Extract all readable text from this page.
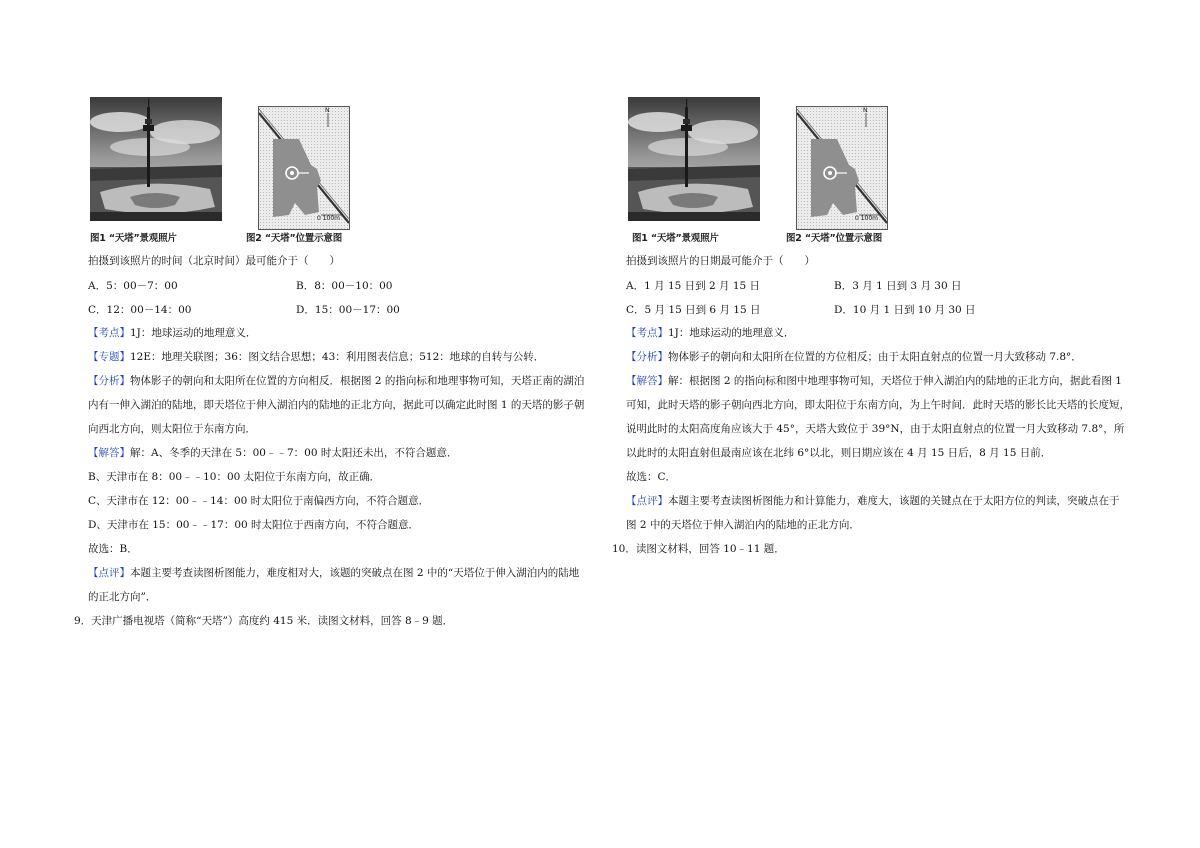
N
0 100m
图1 “天塔”景观照片	图2 “天塔”位置示意图
拍摄到该照片的时间（北京时间）最可能介于（　　）
A．5：00－7：00	B．8：00－10：00
C．12：00－14：00	D．15：00－17：00
【考点】1J：地球运动的地理意义．
【专题】12E：地理关联图；36：图文结合思想；43：利用图表信息；512：地球的自转与公转．
【分析】物体影子的朝向和太阳所在位置的方向相反．根据图 2 的指向标和地理事物可知，天塔正南的湖泊
内有一伸入湖泊的陆地，即天塔位于伸入湖泊内的陆地的正北方向，据此可以确定此时图 1 的天塔的影子朝
向西北方向，则太阳位于东南方向．
【解答】解：A、冬季的天津在 5：00﹣﹣7：00 时太阳还未出，不符合题意．
B、天津市在 8：00﹣﹣10：00 太阳位于东南方向，故正确．
C、天津市在 12：00﹣﹣14：00 时太阳位于南偏西方向，不符合题意．
D、天津市在 15：00﹣﹣17：00 时太阳位于西南方向，不符合题意．
故选：B．
【点评】本题主要考查读图析图能力，难度相对大，该题的突破点在图 2 中的“天塔位于伸入湖泊内的陆地
的正北方向”．
9．天津广播电视塔（简称“天塔”）高度约 415 米．读图文材料，回答 8﹣9 题．
N
0 100m
图1 “天塔”景观照片	图2 “天塔”位置示意图
拍摄到该照片的日期最可能介于（　　）
A．1 月 15 日到 2 月 15 日	B．3 月 1 日到 3 月 30 日
C．5 月 15 日到 6 月 15 日	D．10 月 1 日到 10 月 30 日
【考点】1J：地球运动的地理意义．
【分析】物体影子的朝向和太阳所在位置的方位相反；由于太阳直射点的位置一月大致移动 7.8°．
【解答】解：根据图 2 的指向标和图中地理事物可知，天塔位于伸入湖泊内的陆地的正北方向，据此看图 1
可知，此时天塔的影子朝向西北方向，即太阳位于东南方向，为上午时间．此时天塔的影长比天塔的长度短，
说明此时的太阳高度角应该大于 45°，天塔大致位于 39°N，由于太阳直射点的位置一月大致移动 7.8°，所
以此时的太阳直射但最南应该在北纬 6°以北，则日期应该在 4 月 15 日后，8 月 15 日前．
故选：C．
【点评】本题主要考查读图析图能力和计算能力，难度大，该题的关键点在于太阳方位的判读，突破点在于
图 2 中的天塔位于伸入湖泊内的陆地的正北方向．
10．读图文材料，回答 10﹣11 题．
